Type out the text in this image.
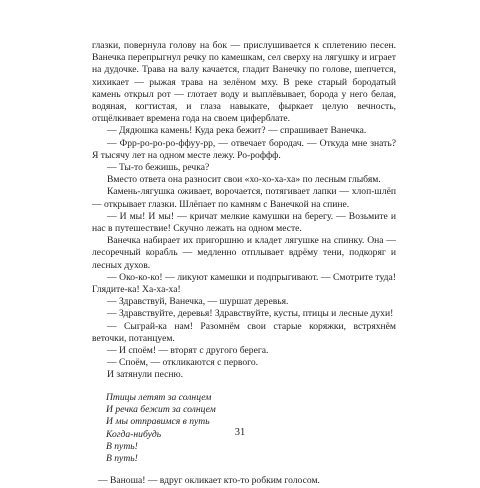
глазки, повернула голову на бок — прислушивается к сплетению песен. Ванечка перепрыгнул речку по камешкам, сел сверху на лягушку и играет на дудочке. Трава на валу качается, гладит Ванечку по голове, шепчется, хихикает — рыжая трава на зелёном мху. В реке старый бородатый камень открыл рот — глотает воду и выплёвывает, борода у него белая, водяная, когтистая, и глаза навыкате, фыркает целую вечность, отщёлкивает времена года на своем циферблате.

— Дядюшка камень! Куда река бежит? — спрашивает Ванечка.

— Фрр-ро-ро-ро-ффуу-рр, — отвечает бородач. — Откуда мне знать? Я тысячу лет на одном месте лежу. Ро-роффф.

— Ты-то бежишь, речка?

Вместо ответа она разносит свои «хо-хо-ха-ха» по лесным глыбям.

Камень-лягушка оживает, ворочается, потягивает лапки — хлоп-шлёп — открывает глазки. Шлёпает по камням с Ванечкой на спине.

— И мы! И мы! — кричат мелкие камушки на берегу. — Возьмите и нас в путешествие! Скучно лежать на одном месте.

Ванечка набирает их пригоршню и кладет лягушке на спинку. Она — лесоречный корабль — медленно отплывает вдрёму тени, подкоряг и лесных духов.

— Око-ко-ко! — ликуют камешки и подпрыгивают. — Смотрите туда! Глядите-ка! Ха-ха-ха!

— Здравствуй, Ванечка, — шуршат деревья.

— Здравствуйте, деревья! Здравствуйте, кусты, птицы и лесные духи!

— Сыграй-ка нам! Разомнём свои старые коряжки, встряхнём веточки, потанцуем.

— И споём! — вторят с другого берега.

— Споём, — откликаются с первого.

И затянули песню.

Птицы летят за солнцем

И речка бежит за солнцем

И мы отправимся в путь

Когда-нибудь

В путь!

В путь!

— Ваноша! — вдруг окликает кто-то робким голосом.

31
